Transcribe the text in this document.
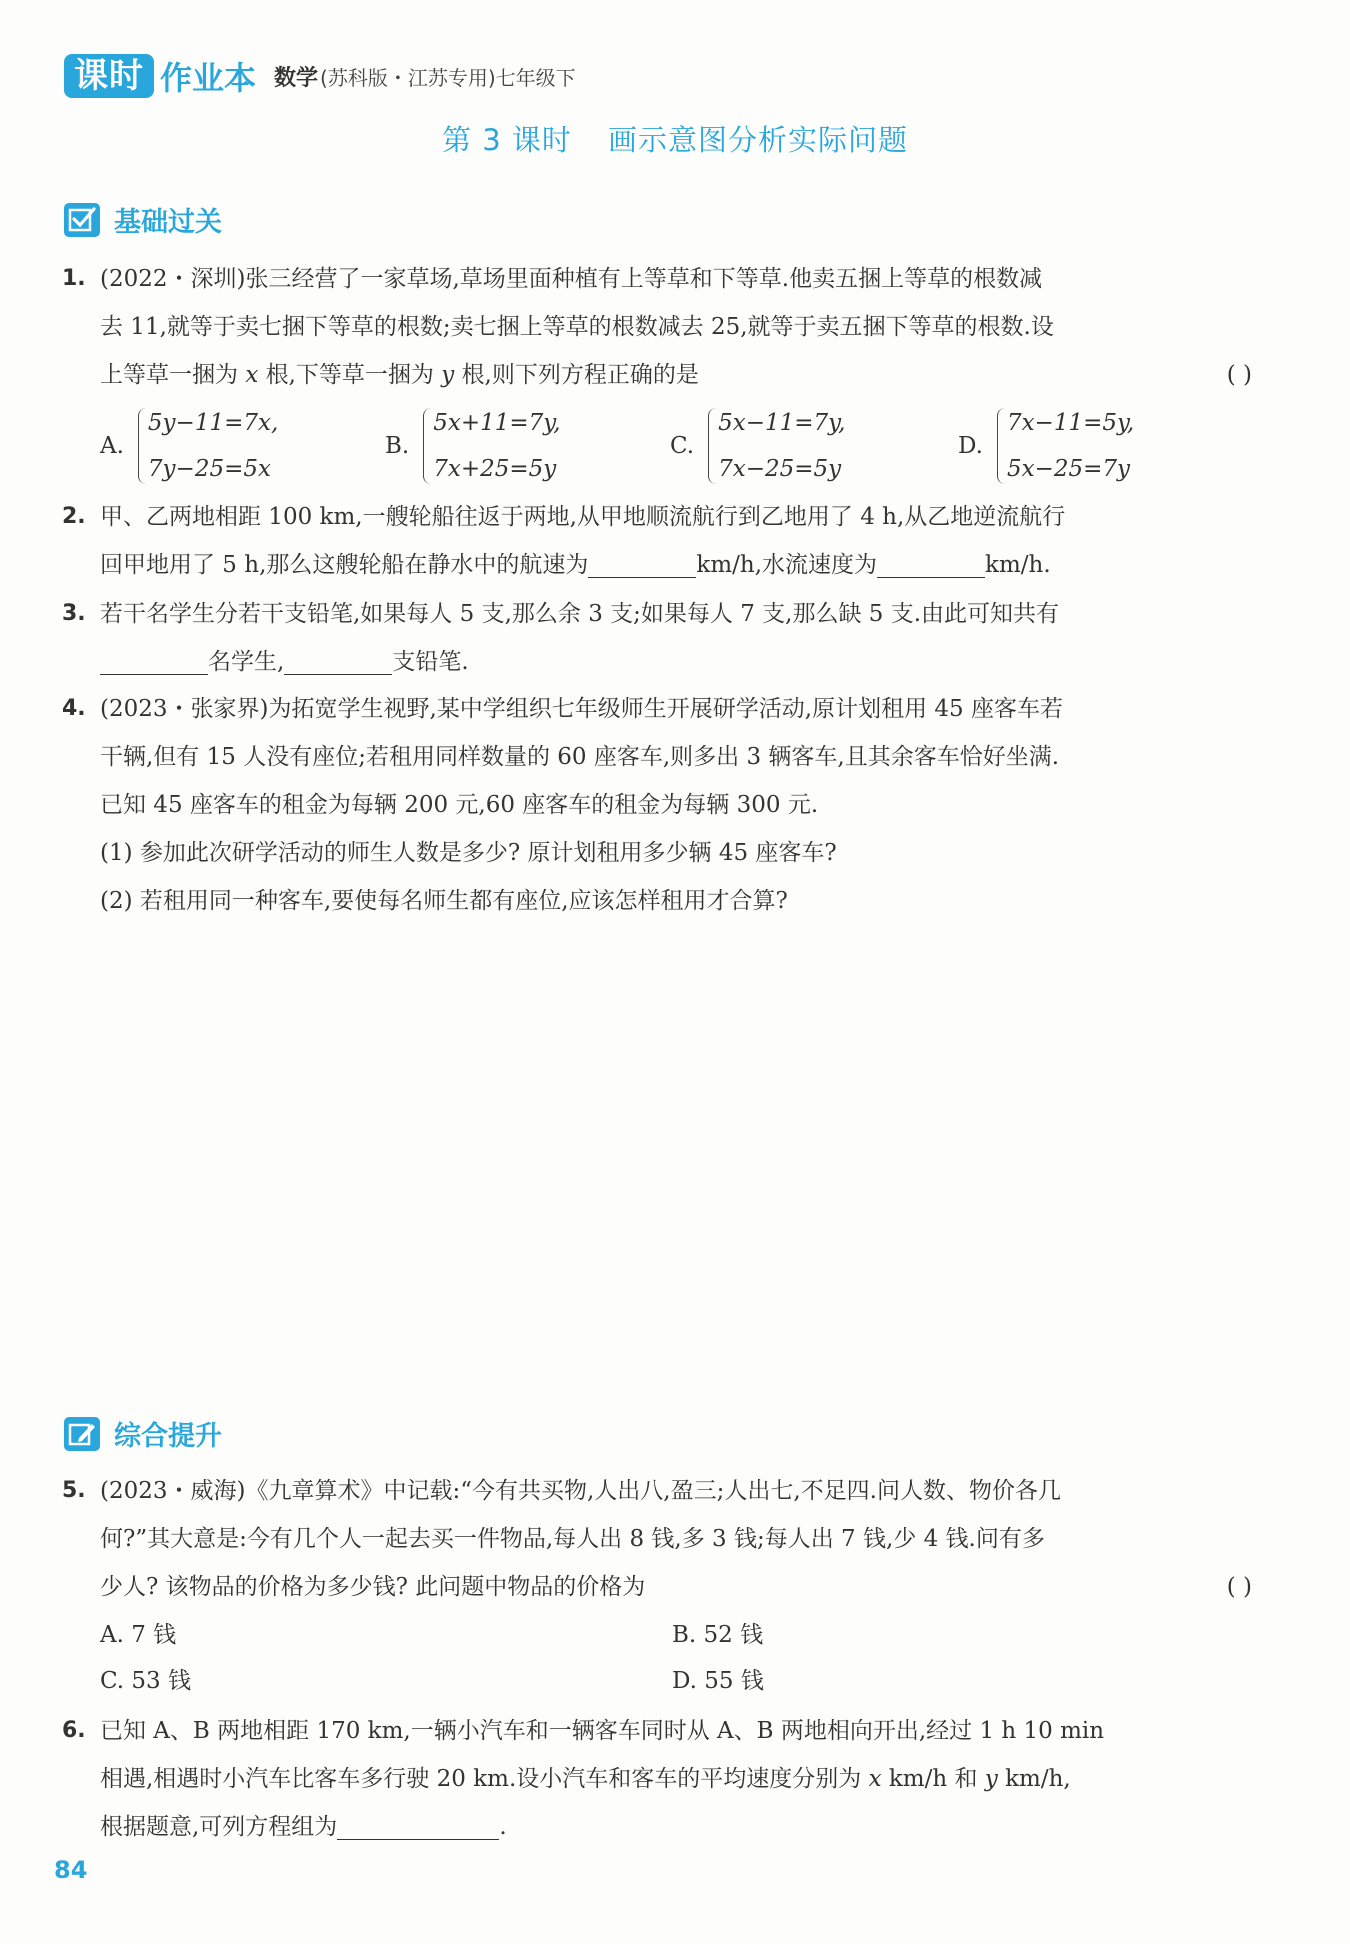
课时 作业本 数学 (苏科版・江苏专用)七年级下
第 3 课时 画示意图分析实际问题
基础过关
1. (2022・深圳)张三经营了一家草场,草场里面种植有上等草和下等草.他卖五捆上等草的根数减
去 11,就等于卖七捆下等草的根数;卖七捆上等草的根数减去 25,就等于卖五捆下等草的根数.设
上等草一捆为 x 根,下等草一捆为 y 根,则下列方程正确的是	( )
A.
5y−11=7x,
7y−25=5x
B.
5x+11=7y,
7x+25=5y
C.
5x−11=7y,
7x−25=5y
D.
7x−11=5y,
5x−25=7y
2. 甲、乙两地相距 100 km,一艘轮船往返于两地,从甲地顺流航行到乙地用了 4 h,从乙地逆流航行
回甲地用了 5 h,那么这艘轮船在静水中的航速为	km/h,水流速度为	km/h.
3. 若干名学生分若干支铅笔,如果每人 5 支,那么余 3 支;如果每人 7 支,那么缺 5 支.由此可知共有
名学生,	支铅笔.
4. (2023・张家界)为拓宽学生视野,某中学组织七年级师生开展研学活动,原计划租用 45 座客车若
干辆,但有 15 人没有座位;若租用同样数量的 60 座客车,则多出 3 辆客车,且其余客车恰好坐满.
已知 45 座客车的租金为每辆 200 元,60 座客车的租金为每辆 300 元.
(1) 参加此次研学活动的师生人数是多少? 原计划租用多少辆 45 座客车?
(2) 若租用同一种客车,要使每名师生都有座位,应该怎样租用才合算?
综合提升
5. (2023・威海)《九章算术》中记载:“今有共买物,人出八,盈三;人出七,不足四.问人数、物价各几
何?”其大意是:今有几个人一起去买一件物品,每人出 8 钱,多 3 钱;每人出 7 钱,少 4 钱.问有多
少人? 该物品的价格为多少钱? 此问题中物品的价格为	( )
A. 7 钱	B. 52 钱
C. 53 钱	D. 55 钱
6. 已知 A、B 两地相距 170 km,一辆小汽车和一辆客车同时从 A、B 两地相向开出,经过 1 h 10 min
相遇,相遇时小汽车比客车多行驶 20 km.设小汽车和客车的平均速度分别为 x km/h 和 y km/h,
根据题意,可列方程组为	.
84
